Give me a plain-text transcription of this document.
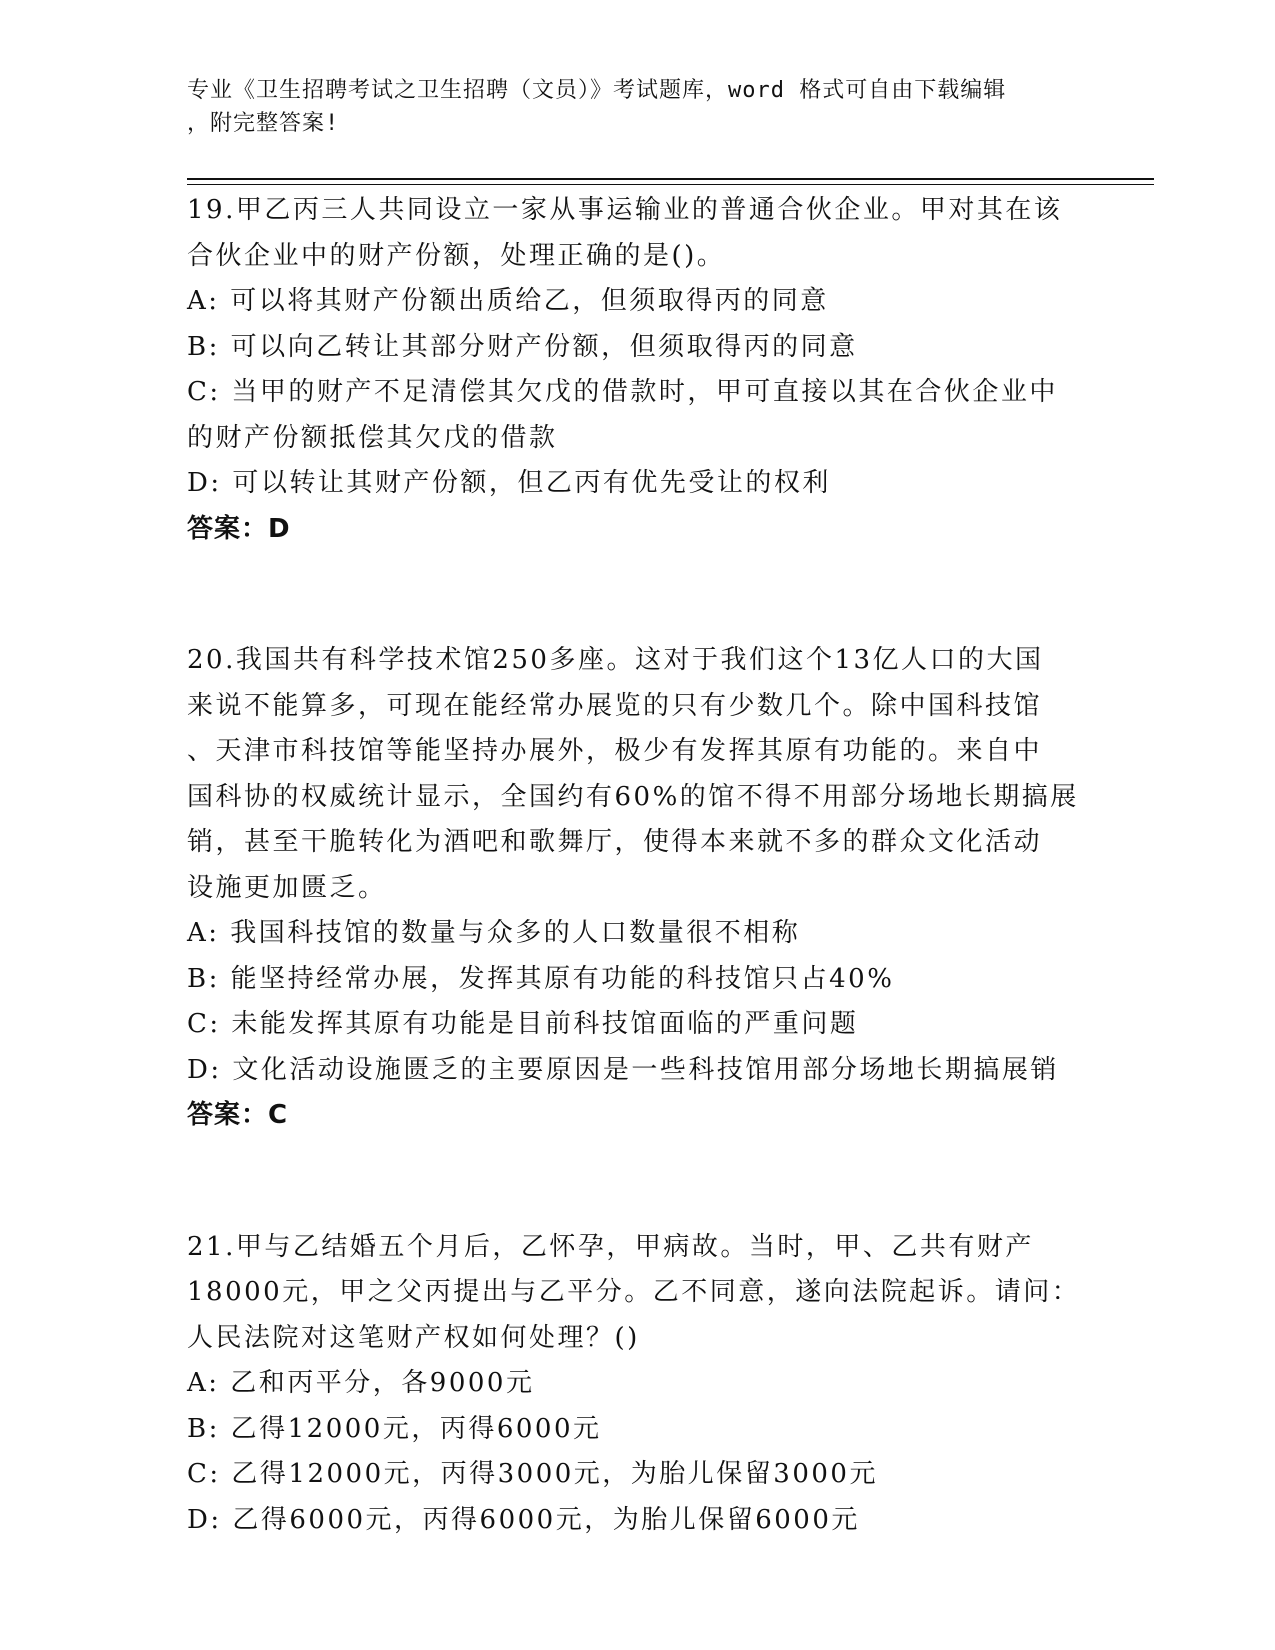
专业《卫生招聘考试之卫生招聘（文员）》考试题库，word 格式可自由下载编辑
，附完整答案!

19.甲乙丙三人共同设立一家从事运输业的普通合伙企业。甲对其在该

合伙企业中的财产份额，处理正确的是()。

A: 可以将其财产份额出质给乙，但须取得丙的同意

B: 可以向乙转让其部分财产份额，但须取得丙的同意

C: 当甲的财产不足清偿其欠戊的借款时，甲可直接以其在合伙企业中

的财产份额抵偿其欠戊的借款

D: 可以转让其财产份额，但乙丙有优先受让的权利

答案：D

20.我国共有科学技术馆250多座。这对于我们这个13亿人口的大国

来说不能算多，可现在能经常办展览的只有少数几个。除中国科技馆

、天津市科技馆等能坚持办展外，极少有发挥其原有功能的。来自中

国科协的权威统计显示，全国约有60%的馆不得不用部分场地长期搞展

销，甚至干脆转化为酒吧和歌舞厅，使得本来就不多的群众文化活动

设施更加匮乏。

A: 我国科技馆的数量与众多的人口数量很不相称

B: 能坚持经常办展，发挥其原有功能的科技馆只占40%

C: 未能发挥其原有功能是目前科技馆面临的严重问题

D: 文化活动设施匮乏的主要原因是一些科技馆用部分场地长期搞展销

答案：C

21.甲与乙结婚五个月后，乙怀孕，甲病故。当时，甲、乙共有财产

18000元，甲之父丙提出与乙平分。乙不同意，遂向法院起诉。请问：

人民法院对这笔财产权如何处理？()

A: 乙和丙平分，各9000元

B: 乙得12000元，丙得6000元

C: 乙得12000元，丙得3000元，为胎儿保留3000元

D: 乙得6000元，丙得6000元，为胎儿保留6000元
